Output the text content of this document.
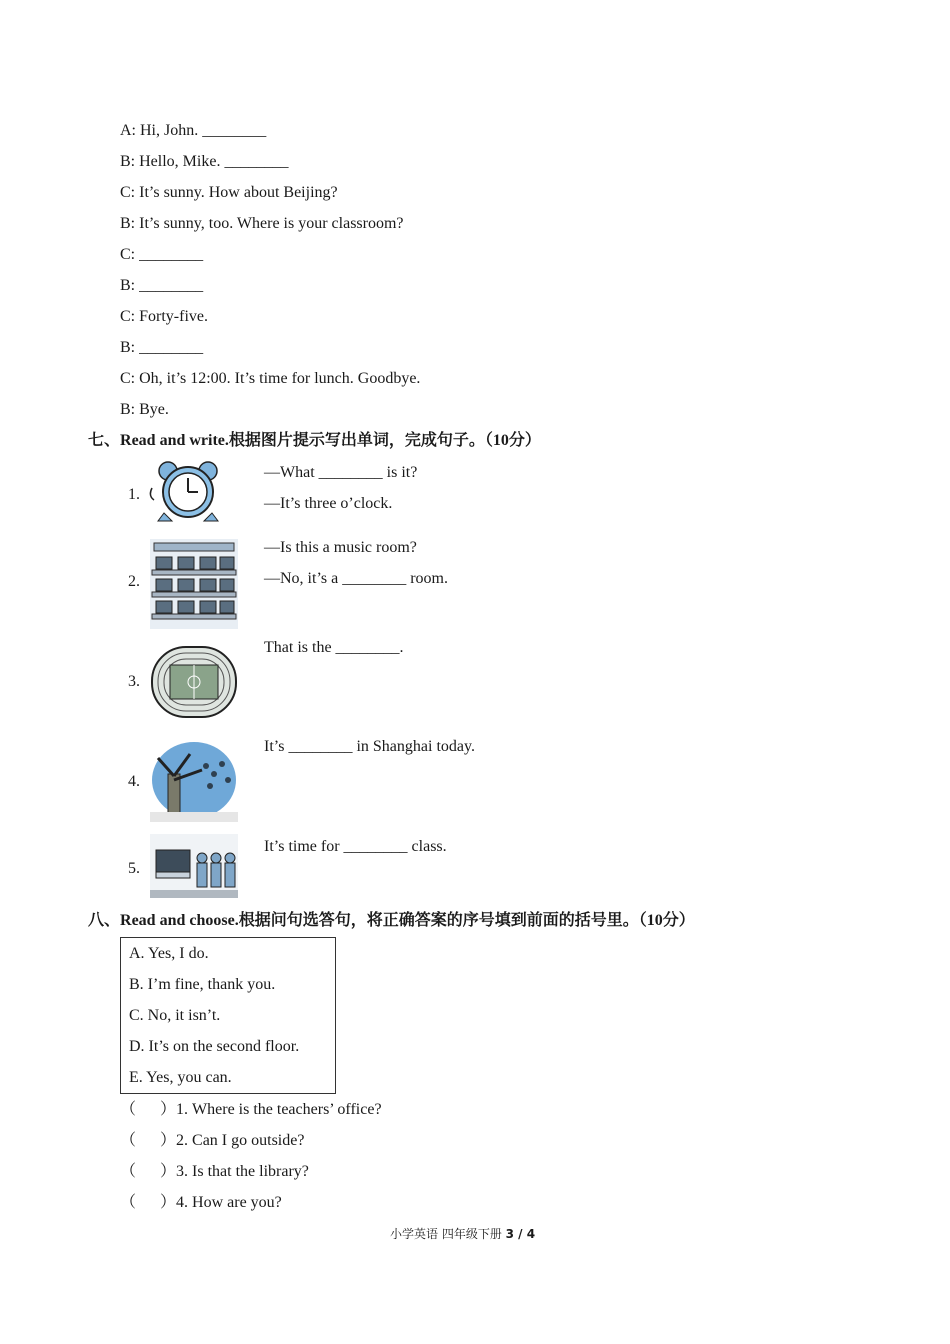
A: Hi, John. ________
B: Hello, Mike. ________
C: It’s sunny. How about Beijing?
B: It’s sunny, too. Where is your classroom?
C: ________
B: ________
C: Forty-five.
B: ________
C: Oh, it’s 12:00. It’s time for lunch. Goodbye.
B: Bye.
七、Read and write.根据图片提示写出单词，完成句子。（10分）
1.
—What ________ is it?
—It’s three o’clock.
2.
—Is this a music room?
—No, it’s a ________ room.
3.
That is the ________.
4.
It’s ________ in Shanghai today.
5.
It’s time for ________ class.
八、Read and choose.根据问句选答句，将正确答案的序号填到前面的括号里。（10分）
A. Yes, I do.
B. I’m fine, thank you.
C. No, it isn’t.
D. It’s on the second floor.
E. Yes, you can.
（ ）1. Where is the teachers’ office?
（ ）2. Can I go outside?
（ ）3. Is that the library?
（ ）4. How are you?
小学英语 四年级下册 3 / 4
